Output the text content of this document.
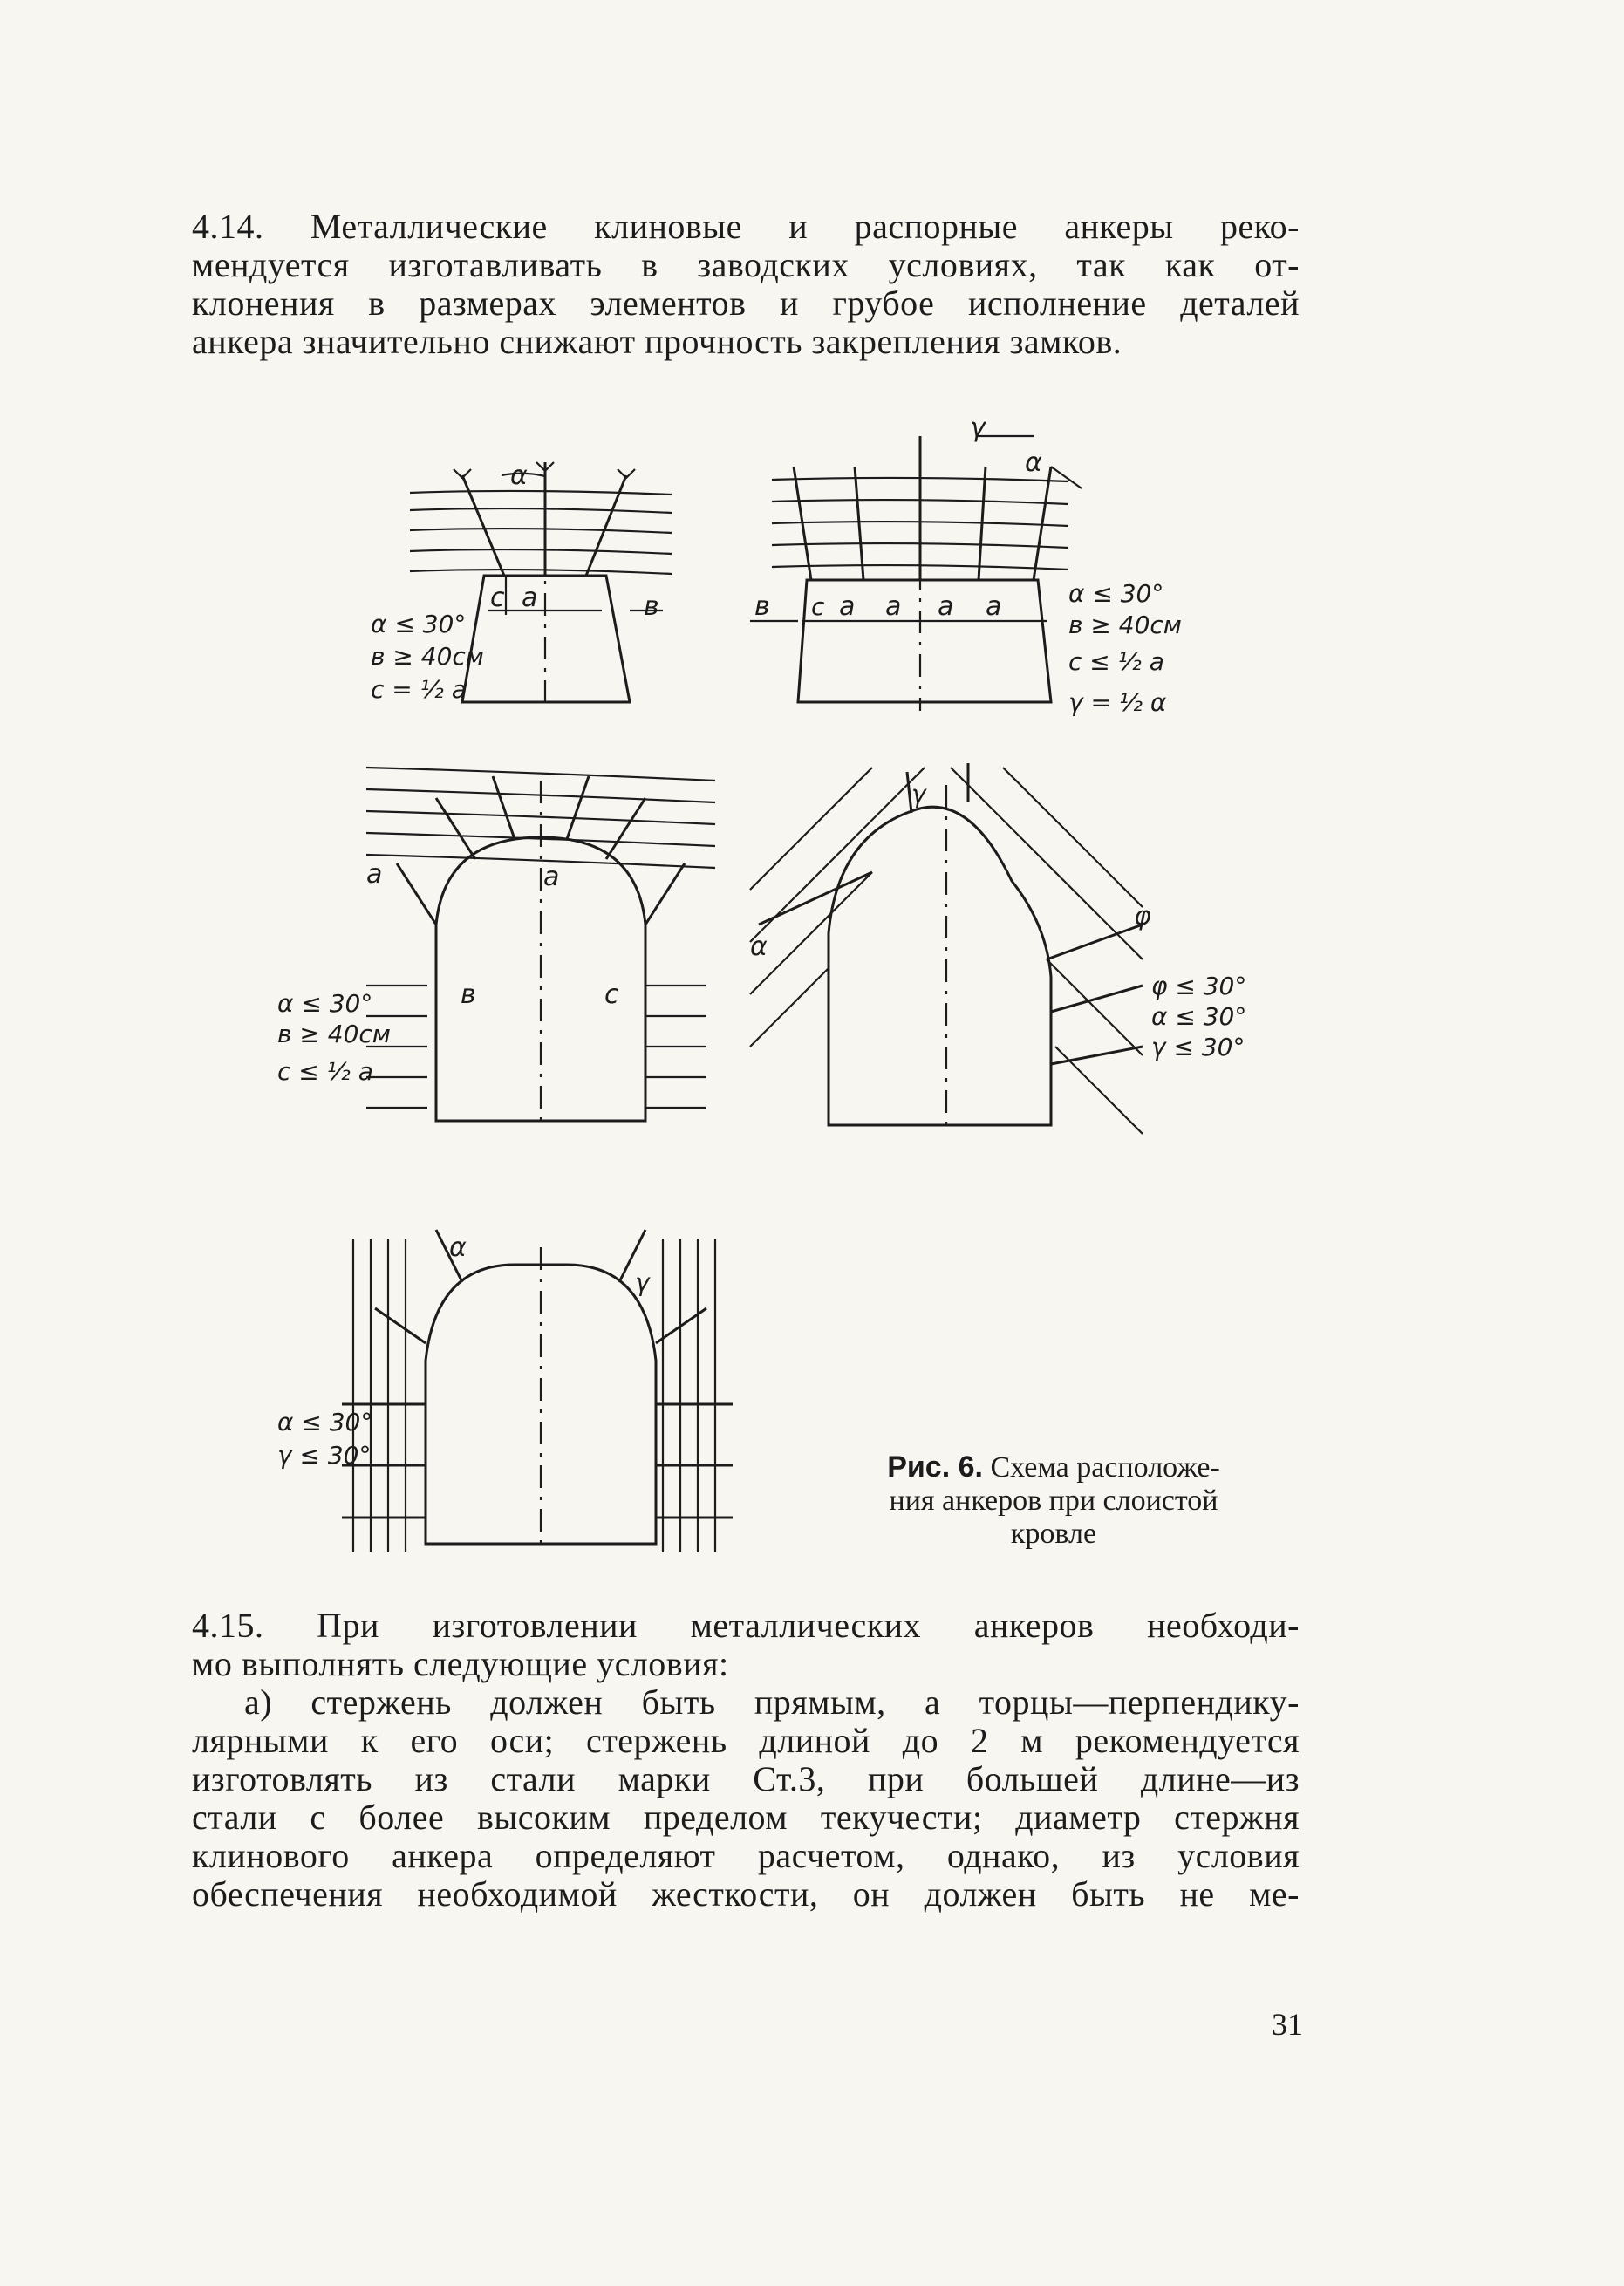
4.14. Металлические клиновые и распорные анкеры реко-
мендуется изготавливать в заводских условиях, так как от-
клонения в размерах элементов и грубое исполнение деталей
анкера значительно снижают прочность закрепления замков.
α
с а	в
α ≤ 30°
в ≥ 40см
с = ½ а
γ
α
в с а а а а	α ≤ 30°
в ≥ 40см
с ≤ ½ а
γ = ½ α
а	а
в	с
α ≤ 30°
в ≥ 40см
с ≤ ½ а
γ
α
φ
φ ≤ 30°
α ≤ 30°
γ ≤ 30°
α
γ
α ≤ 30°
γ ≤ 30°	Рис. 6. Схема расположе-
ния анкеров при слоистой
кровле
4.15. При изготовлении металлических анкеров необходи-
мо выполнять следующие условия:
а) стержень должен быть прямым, а торцы—перпендику-
лярными к его оси; стержень длиной до 2 м рекомендуется
изготовлять из стали марки Ст.3, при большей длине—из
стали с более высоким пределом текучести; диаметр стержня
клинового анкера определяют расчетом, однако, из условия
обеспечения необходимой жесткости, он должен быть не ме-
31
